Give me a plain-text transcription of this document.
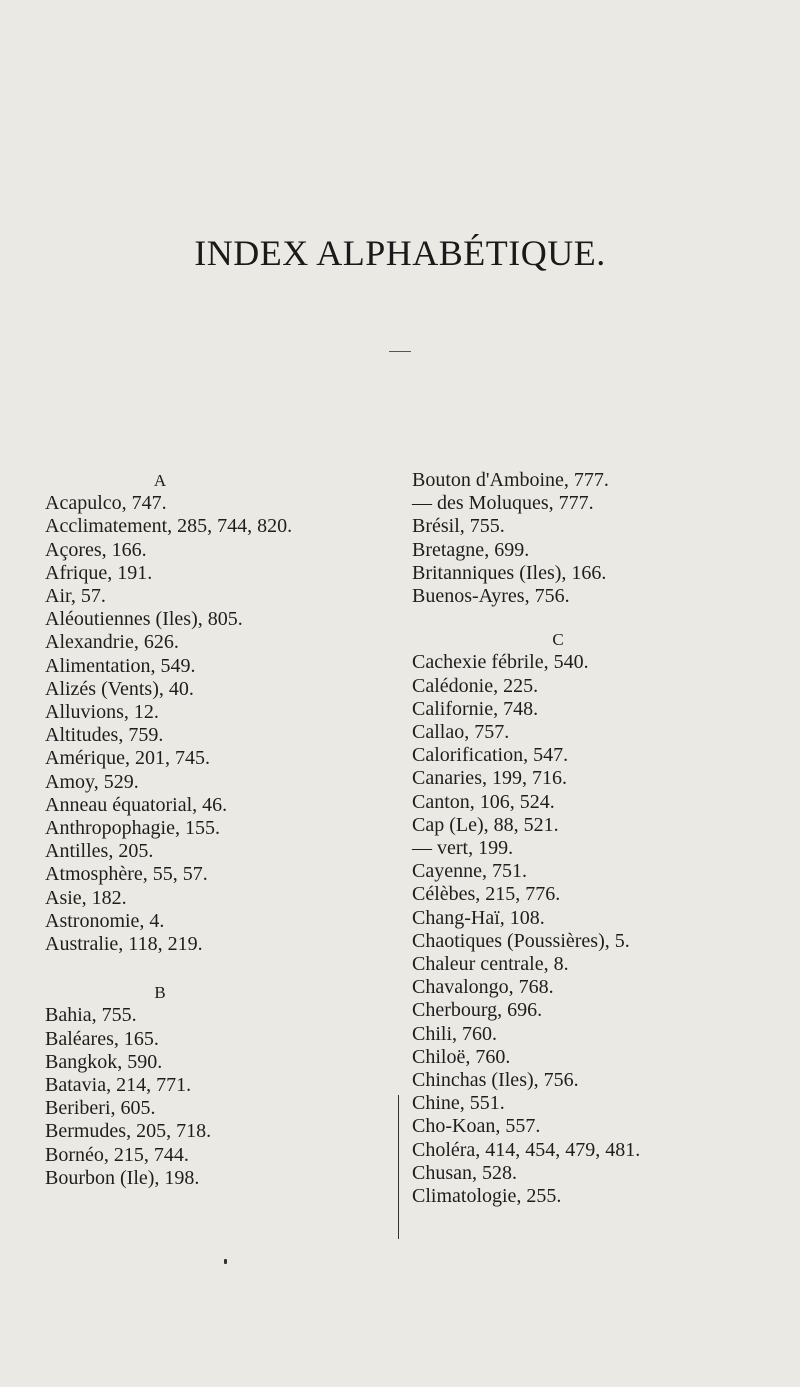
INDEX ALPHABÉTIQUE.

A

Acapulco, 747.

Acclimatement, 285, 744, 820.

Açores, 166.

Afrique, 191.

Air, 57.

Aléoutiennes (Iles), 805.

Alexandrie, 626.

Alimentation, 549.

Alizés (Vents), 40.

Alluvions, 12.

Altitudes, 759.

Amérique, 201, 745.

Amoy, 529.

Anneau équatorial, 46.

Anthropophagie, 155.

Antilles, 205.

Atmosphère, 55, 57.

Asie, 182.

Astronomie, 4.

Australie, 118, 219.

B

Bahia, 755.

Baléares, 165.

Bangkok, 590.

Batavia, 214, 771.

Beriberi, 605.

Bermudes, 205, 718.

Bornéo, 215, 744.

Bourbon (Ile), 198.

Bouton d'Amboine, 777.

— des Moluques, 777.

Brésil, 755.

Bretagne, 699.

Britanniques (Iles), 166.

Buenos-Ayres, 756.

C

Cachexie fébrile, 540.

Calédonie, 225.

Californie, 748.

Callao, 757.

Calorification, 547.

Canaries, 199, 716.

Canton, 106, 524.

Cap (Le), 88, 521.

— vert, 199.

Cayenne, 751.

Célèbes, 215, 776.

Chang-Haï, 108.

Chaotiques (Poussières), 5.

Chaleur centrale, 8.

Chavalongo, 768.

Cherbourg, 696.

Chili, 760.

Chiloë, 760.

Chinchas (Iles), 756.

Chine, 551.

Cho-Koan, 557.

Choléra, 414, 454, 479, 481.

Chusan, 528.

Climatologie, 255.
